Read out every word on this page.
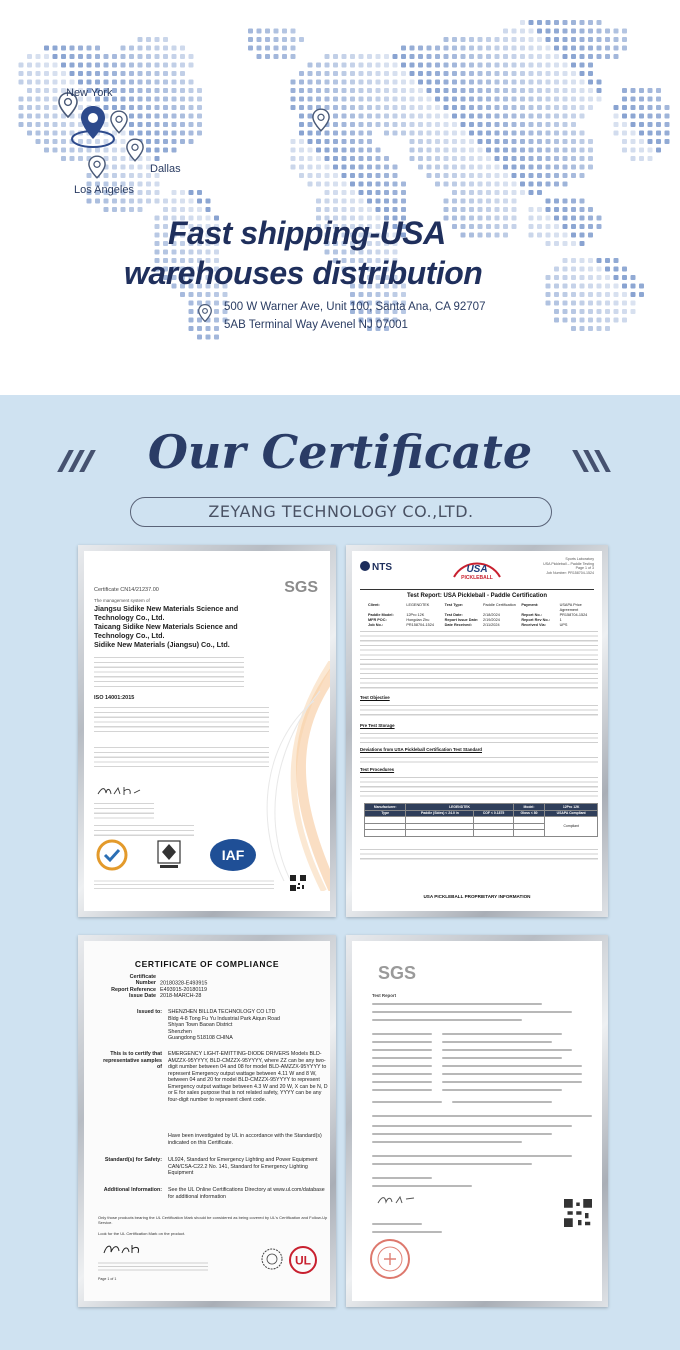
New York
Dallas
Los Angeles
Fast shipping-USA
warehouses distribution
500 W Warner Ave, Unit 100, Santa Ana, CA 92707
5AB Terminal Way Avenel NJ 07001
Our Certificate
ZEYANG TECHNOLOGY CO.,LTD.
Certificate CN14/21237.00	SGS
The management system of
Jiangsu Sidike New Materials Science and
Technology Co., Ltd.
Taicang Sidike New Materials Science and
Technology Co., Ltd.
Sidike New Materials (Jiangsu) Co., Ltd.
ISO 14001:2015
IAF
NTS	USA
PICKLEBALL
Sports Laboratory
USA Pickleball – Paddle Testing
Page 1 of 3
Job Number: PR158704-1524
Test Report: USA Pickleball - Paddle Certification
Client:	LEGENDTEK	Test Type:	Paddle Certification	Payment:	USAPA Price Agreement
Paddle Model:	12Pro 12K	Test Date:	2/18/2024	Report No.:	PR158704-1524
MFR POC:	Hongdan Zhu	Report Issue Date:	2/19/2024	Report Rev No.:	1
Job No.:	PR158704-1524	Date Received:	2/11/2024	Received Via:	UPS
Test Objective
Pre Test Storage
Deviations from USA Pickleball Certification Test Standard
Test Procedures
Manufacturer:	LEGENDTEK		Model:	12Pro 12K
Type	Paddle (Sides) < 24.0 in	COF < 0.1875	Gloss < 80	USAPA Compliant
				Compliant

USA PICKLEBALL PROPRIETARY INFORMATION
CERTIFICATE OF COMPLIANCE
Certificate Number 20180328-E493915
Report Reference E493915-20180119
Issue Date 2018-MARCH-28
Issued to: SHENZHEN BILLDA TECHNOLOGY CO LTD
Bldg 4-8 Tong Fu Yu Industrial Park Aiqun Road
Shiyan Town Baoan District
Shenzhen
Guangdong 518108 CHINA
This is to certify that representative samples of
EMERGENCY LIGHT-EMITTING-DIODE DRIVERS Models BLD-AMZZX-95YYYY, BLD-CMZZX-95YYYY, where ZZ can be any two-digit number between 04 and 08 for model BLD-AMZZX-95YYYY to represent Emergency output wattage between 4.11 W and 8 W, between 04 and 20 for model BLD-CMZZX-95YYYY to represent Emergency output wattage between 4.3 W and 20 W, X can be N, D or E for sales purpose that is not related safety, YYYY can be any four-digit number to represent client code.
Have been investigated by UL in accordance with the Standard(s) indicated on this Certificate.
Standard(s) for Safety: UL924, Standard for Emergency Lighting and Power Equipment CAN/CSA-C22.2 No. 141, Standard for Emergency Lighting Equipment
Additional Information: See the UL Online Certifications Directory at www.ul.com/database for additional information
Only those products bearing the UL Certification Mark should be considered as being covered by UL's Certification and Follow-Up Service.
Look for the UL Certification Mark on the product.
Page 1 of 1
UL
SGS
Test Report
